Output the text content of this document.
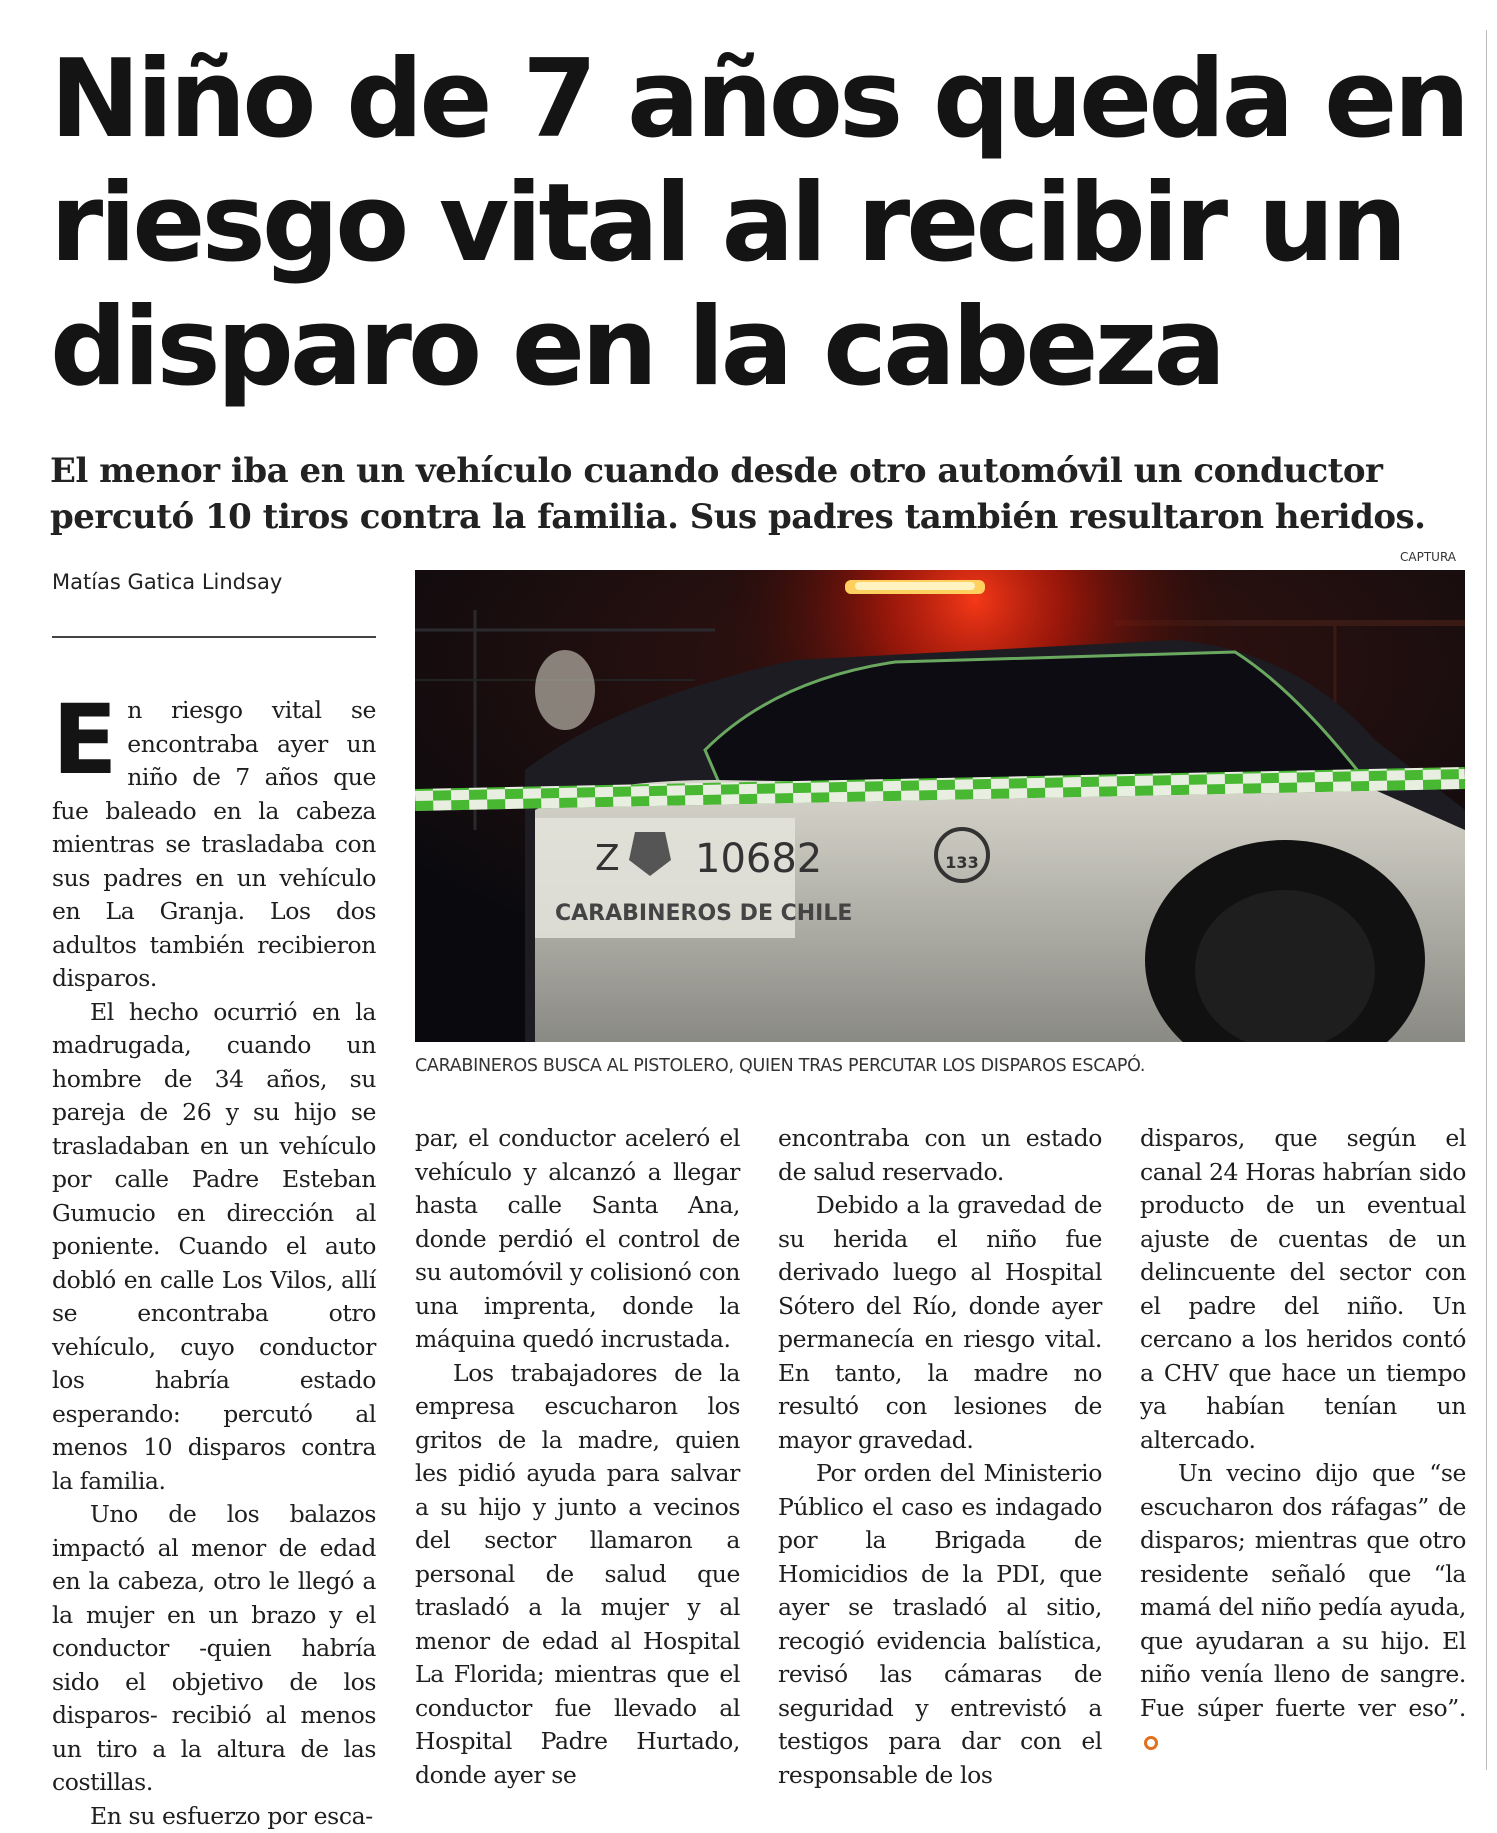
Niño de 7 años queda en riesgo vital al recibir un disparo en la cabeza

El menor iba en un vehículo cuando desde otro automóvil un conductor percutó 10 tiros contra la familia. Sus padres también resultaron heridos.

Matías Gatica Lindsay
CAPTURA
Z 10682
CARABINEROS DE CHILE
133
CARABINEROS BUSCA AL PISTOLERO, QUIEN TRAS PERCUTAR LOS DISPAROS ESCAPÓ.

En riesgo vital se encontraba ayer un niño de 7 años que fue baleado en la cabeza mientras se trasladaba con sus padres en un vehículo en La Granja. Los dos adultos también recibieron disparos.

El hecho ocurrió en la madrugada, cuando un hombre de 34 años, su pareja de 26 y su hijo se trasladaban en un vehículo por calle Padre Esteban Gumucio en dirección al poniente. Cuando el auto dobló en calle Los Vilos, allí se encontraba otro vehículo, cuyo conductor los habría estado esperando: percutó al menos 10 disparos contra la familia.

Uno de los balazos impactó al menor de edad en la cabeza, otro le llegó a la mujer en un brazo y el conductor -quien habría sido el objetivo de los disparos- recibió al menos un tiro a la altura de las costillas.

En su esfuerzo por esca-

par, el conductor aceleró el vehículo y alcanzó a llegar hasta calle Santa Ana, donde perdió el control de su automóvil y colisionó con una imprenta, donde la máquina quedó incrustada.

Los trabajadores de la empresa escucharon los gritos de la madre, quien les pidió ayuda para salvar a su hijo y junto a vecinos del sector llamaron a personal de salud que trasladó a la mujer y al menor de edad al Hospital La Florida; mientras que el conductor fue llevado al Hospital Padre Hurtado, donde ayer se

encontraba con un estado de salud reservado.

Debido a la gravedad de su herida el niño fue derivado luego al Hospital Sótero del Río, donde ayer permanecía en riesgo vital. En tanto, la madre no resultó con lesiones de mayor gravedad.

Por orden del Ministerio Público el caso es indagado por la Brigada de Homicidios de la PDI, que ayer se trasladó al sitio, recogió evidencia balística, revisó las cámaras de seguridad y entrevistó a testigos para dar con el responsable de los

disparos, que según el canal 24 Horas habrían sido producto de un eventual ajuste de cuentas de un delincuente del sector con el padre del niño. Un cercano a los heridos contó a CHV que hace un tiempo ya habían tenían un altercado.

Un vecino dijo que “se escucharon dos ráfagas” de disparos; mientras que otro residente señaló que “la mamá del niño pedía ayuda, que ayudaran a su hijo. El niño venía lleno de sangre. Fue súper fuerte ver eso”.
